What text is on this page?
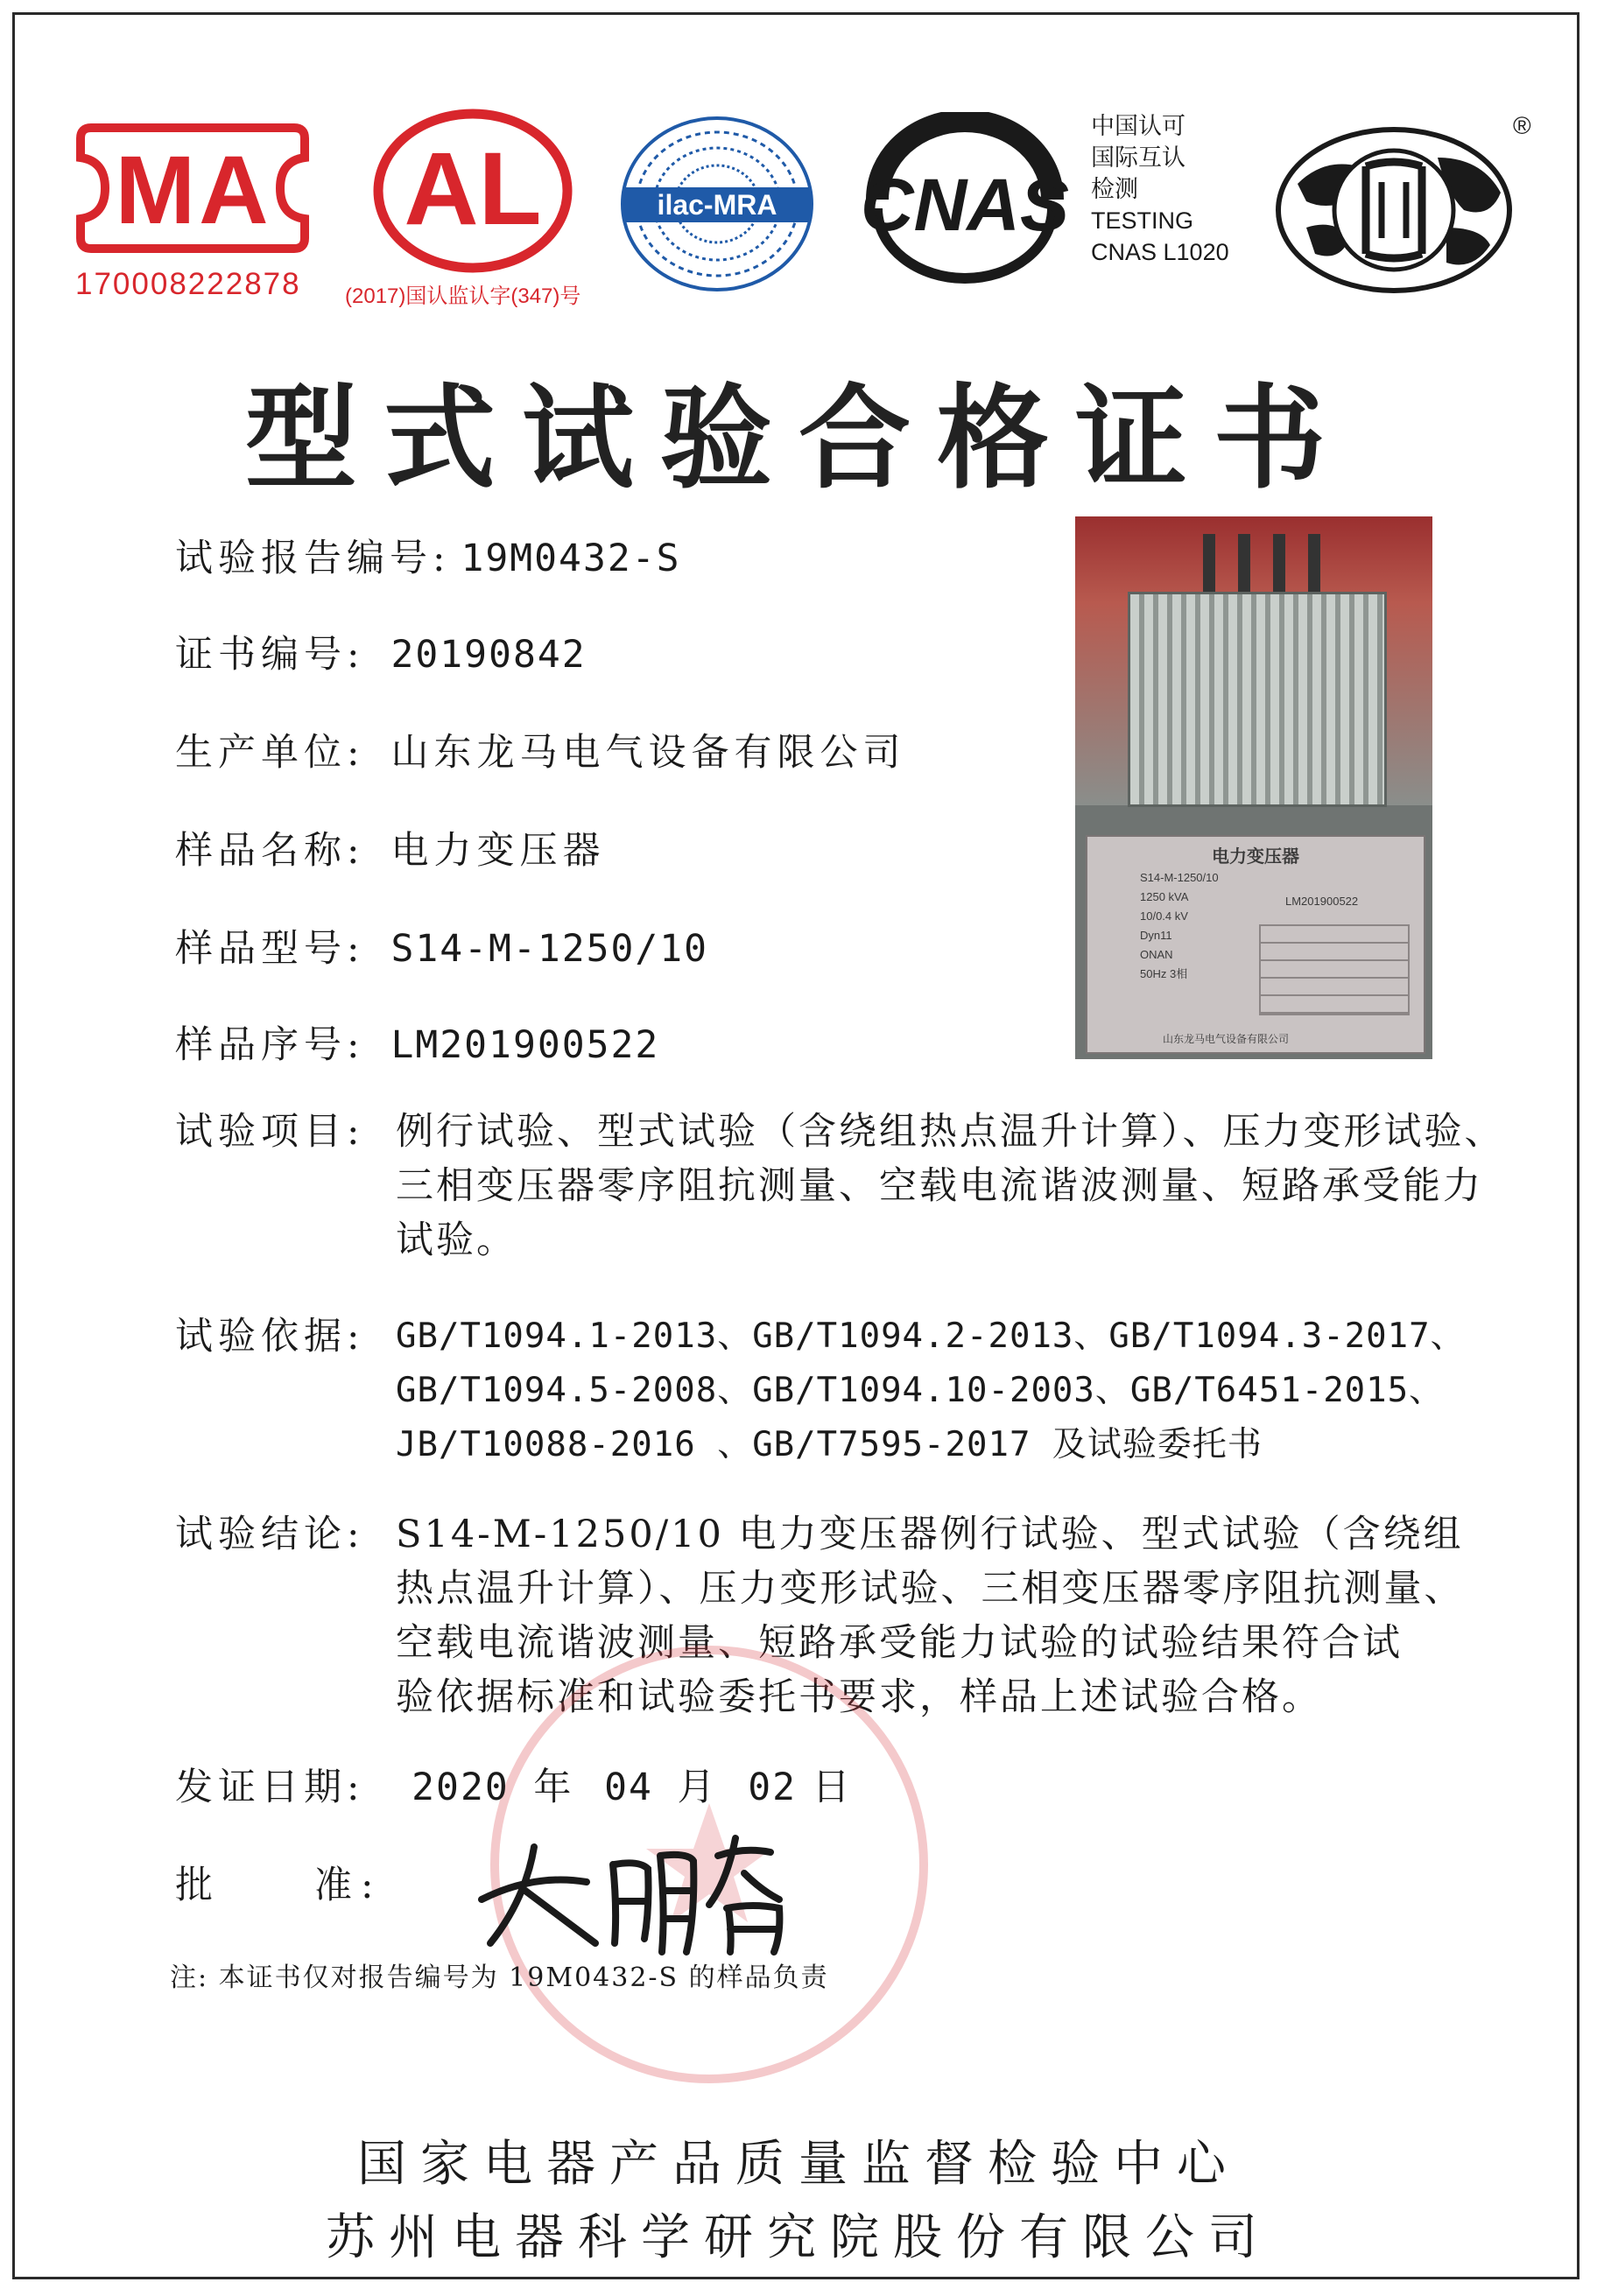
MA
170008222878
AL
(2017)国认监认字(347)号
ilac-MRA	CNAS
中国认可
国际互认
检测
TESTING
CNAS L1020
®
型式试验合格证书
试验报告编号: 19M0432-S
证书编号: 20190842
生产单位: 山东龙马电气设备有限公司
样品名称: 电力变压器
样品型号: S14-M-1250/10
样品序号: LM201900522
电力变压器
S14-M-1250/10
1250 kVA
10/0.4 kV
Dyn11
ONAN
50Hz 3相
LM201900522
山东龙马电气设备有限公司
试验项目: 例行试验、型式试验（含绕组热点温升计算）、压力变形试验、
三相变压器零序阻抗测量、空载电流谐波测量、短路承受能力
试验。
试验依据: GB/T1094.1-2013、GB/T1094.2-2013、GB/T1094.3-2017、
GB/T1094.5-2008、GB/T1094.10-2003、GB/T6451-2015、
JB/T10088-2016 、GB/T7595-2017 及试验委托书
试验结论: S14-M-1250/10 电力变压器例行试验、型式试验（含绕组
热点温升计算）、压力变形试验、三相变压器零序阻抗测量、
空载电流谐波测量、短路承受能力试验的试验结果符合试
验依据标准和试验委托书要求，样品上述试验合格。
发证日期: 2020 年 04 月 02 日
批　　准:
注: 本证书仅对报告编号为 19M0432-S 的样品负责
国家电器产品质量监督检验中心
苏州电器科学研究院股份有限公司
